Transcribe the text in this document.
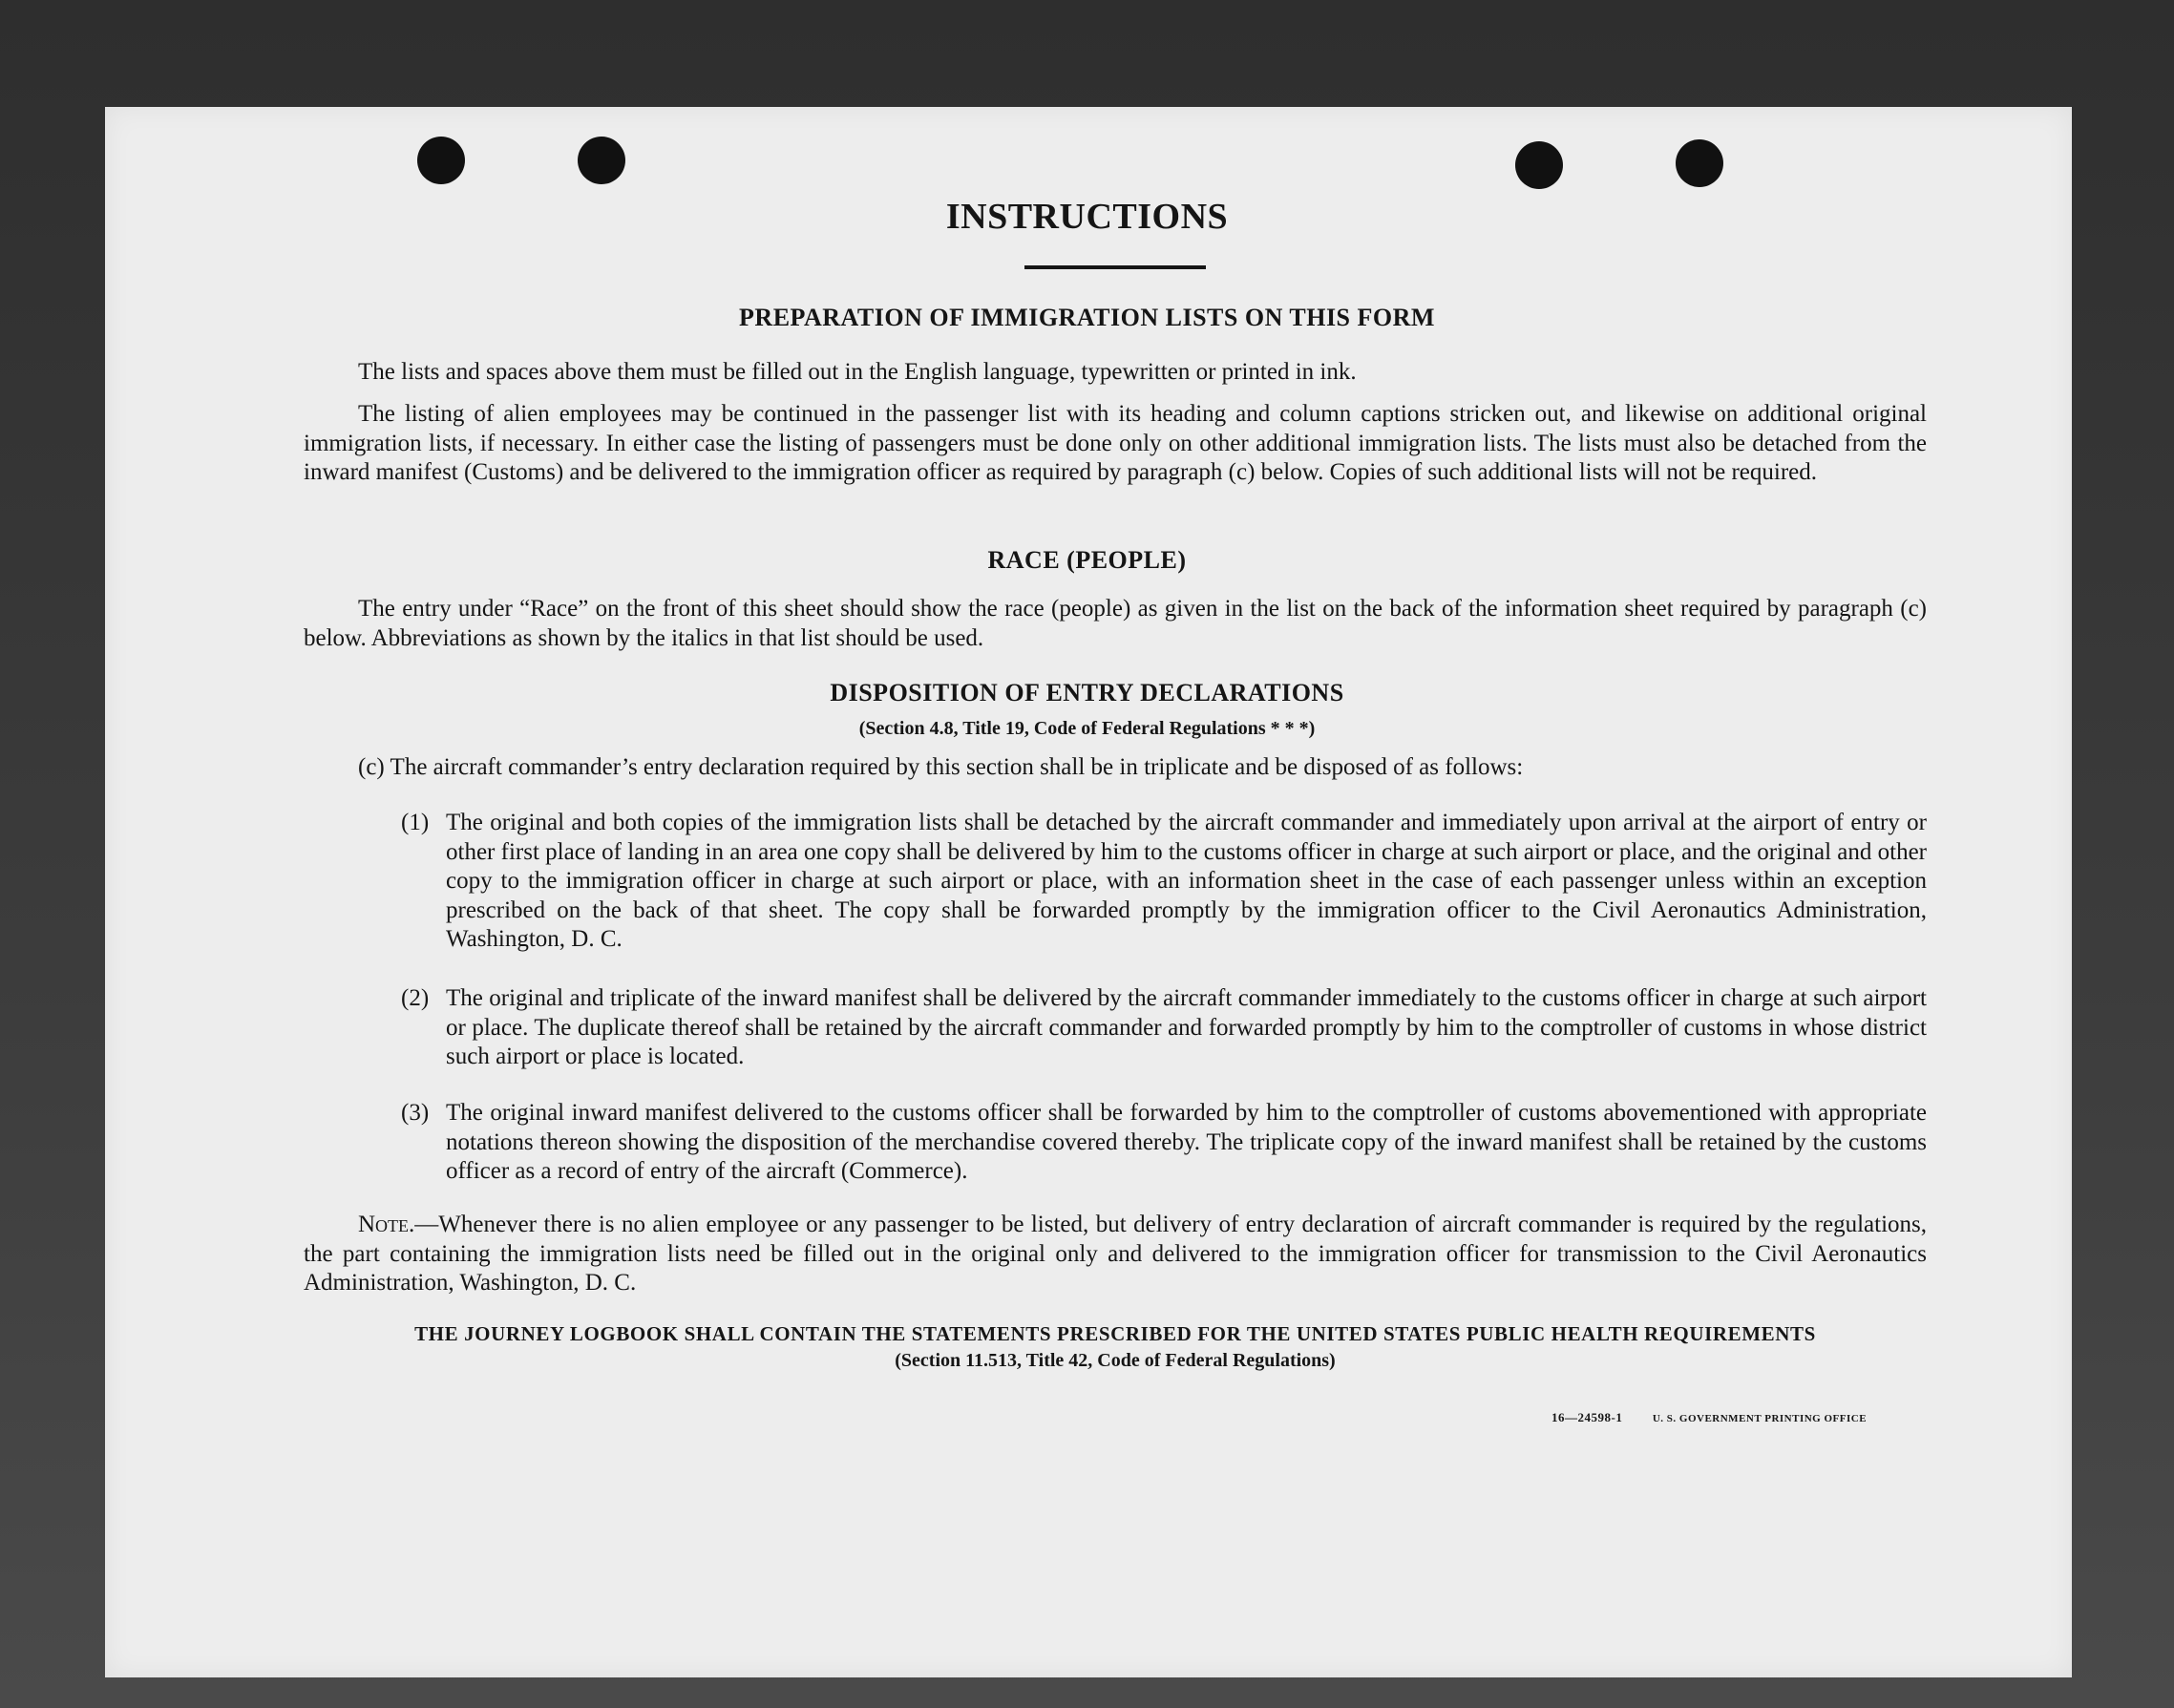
INSTRUCTIONS
PREPARATION OF IMMIGRATION LISTS ON THIS FORM
The lists and spaces above them must be filled out in the English language, typewritten or printed in ink.
The listing of alien employees may be continued in the passenger list with its heading and column captions stricken out, and likewise on additional original immigration lists, if necessary. In either case the listing of passengers must be done only on other additional immigration lists. The lists must also be detached from the inward manifest (Customs) and be delivered to the immigration officer as required by paragraph (c) below. Copies of such additional lists will not be required.
RACE (PEOPLE)
The entry under “Race” on the front of this sheet should show the race (people) as given in the list on the back of the information sheet required by paragraph (c) below. Abbreviations as shown by the italics in that list should be used.
DISPOSITION OF ENTRY DECLARATIONS
(Section 4.8, Title 19, Code of Federal Regulations * * *)
(c) The aircraft commander’s entry declaration required by this section shall be in triplicate and be disposed of as follows:
(1) The original and both copies of the immigration lists shall be detached by the aircraft commander and immediately upon arrival at the airport of entry or other first place of landing in an area one copy shall be delivered by him to the customs officer in charge at such airport or place, and the original and other copy to the immigration officer in charge at such airport or place, with an information sheet in the case of each passenger unless within an exception prescribed on the back of that sheet. The copy shall be forwarded promptly by the immigration officer to the Civil Aeronautics Administration, Washington, D. C.
(2) The original and triplicate of the inward manifest shall be delivered by the aircraft commander immediately to the customs officer in charge at such airport or place. The duplicate thereof shall be retained by the aircraft commander and forwarded promptly by him to the comptroller of customs in whose district such airport or place is located.
(3) The original inward manifest delivered to the customs officer shall be forwarded by him to the comptroller of customs abovementioned with appropriate notations thereon showing the disposition of the merchandise covered thereby. The triplicate copy of the inward manifest shall be retained by the customs officer as a record of entry of the aircraft (Commerce).
Note.—Whenever there is no alien employee or any passenger to be listed, but delivery of entry declaration of aircraft commander is required by the regulations, the part containing the immigration lists need be filled out in the original only and delivered to the immigration officer for transmission to the Civil Aeronautics Administration, Washington, D. C.
THE JOURNEY LOGBOOK SHALL CONTAIN THE STATEMENTS PRESCRIBED FOR THE UNITED STATES PUBLIC HEALTH REQUIREMENTS
(Section 11.513, Title 42, Code of Federal Regulations)
16—24598-1	U. S. GOVERNMENT PRINTING OFFICE
